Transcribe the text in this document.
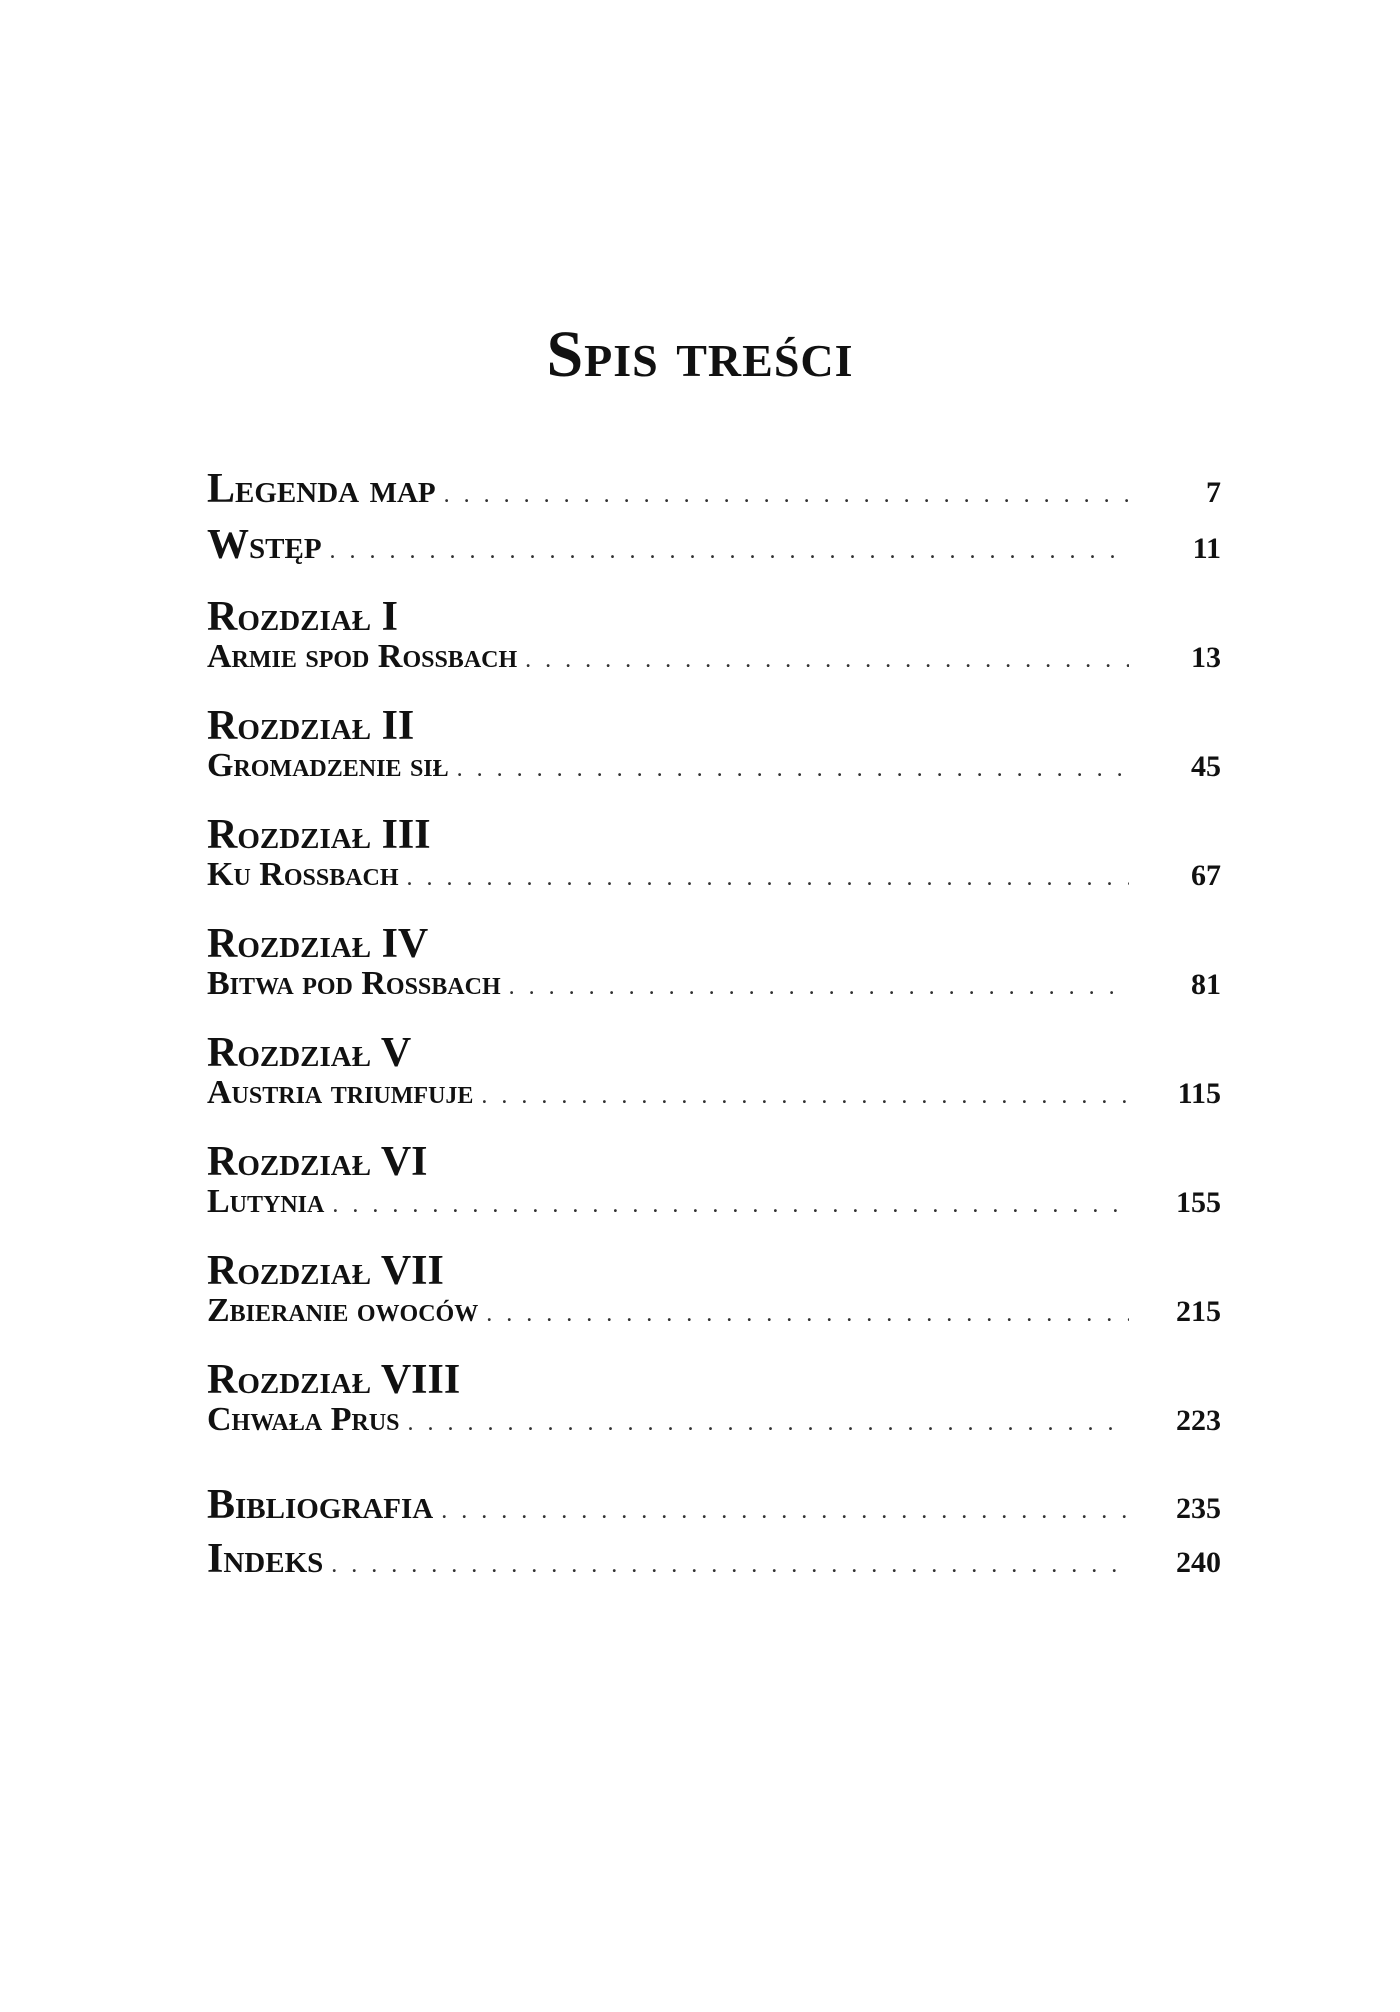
Spis treści
Legenda map . . .	7
Wstęp . . .	11
Rozdział I
Armie spod Rossbach . . .	13
Rozdział II
Gromadzenie sił . . .	45
Rozdział III
Ku Rossbach . . .	67
Rozdział IV
Bitwa pod Rossbach . . .	81
Rozdział V
Austria triumfuje . . .	115
Rozdział VI
Lutynia . . .	155
Rozdział VII
Zbieranie owoców . . .	215
Rozdział VIII
Chwała Prus . . .	223
Bibliografia . . .	235
Indeks . . .	240
